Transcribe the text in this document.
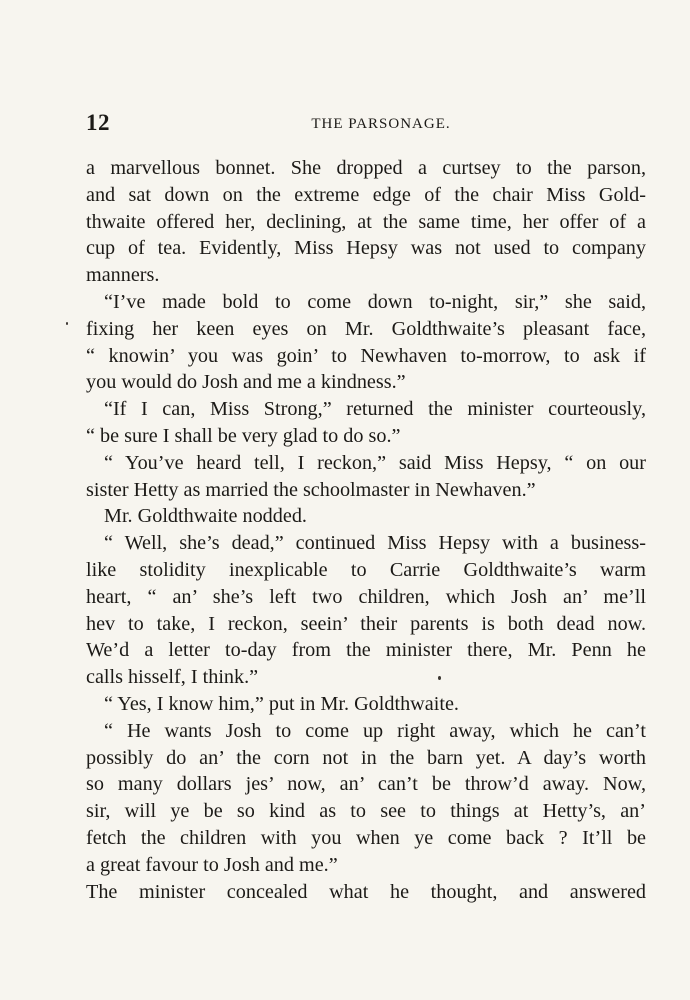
12	THE PARSONAGE.
a marvellous bonnet. She dropped a curtsey to the parson,
and sat down on the extreme edge of the chair Miss Gold-
thwaite offered her, declining, at the same time, her offer of a
cup of tea. Evidently, Miss Hepsy was not used to company
manners.
“I’ve made bold to come down to-night, sir,” she said,
fixing her keen eyes on Mr. Goldthwaite’s pleasant face,
“ knowin’ you was goin’ to Newhaven to-morrow, to ask if
you would do Josh and me a kindness.”
“If I can, Miss Strong,” returned the minister courteously,
“ be sure I shall be very glad to do so.”
“ You’ve heard tell, I reckon,” said Miss Hepsy, “ on our
sister Hetty as married the schoolmaster in Newhaven.”
Mr. Goldthwaite nodded.
“ Well, she’s dead,” continued Miss Hepsy with a business-
like stolidity inexplicable to Carrie Goldthwaite’s warm
heart, “ an’ she’s left two children, which Josh an’ me’ll
hev to take, I reckon, seein’ their parents is both dead now.
We’d a letter to-day from the minister there, Mr. Penn he
calls hisself, I think.”
“ Yes, I know him,” put in Mr. Goldthwaite.
“ He wants Josh to come up right away, which he can’t
possibly do an’ the corn not in the barn yet. A day’s worth
so many dollars jes’ now, an’ can’t be throw’d away. Now,
sir, will ye be so kind as to see to things at Hetty’s, an’
fetch the children with you when ye come back ? It’ll be
a great favour to Josh and me.”
The minister concealed what he thought, and answered
